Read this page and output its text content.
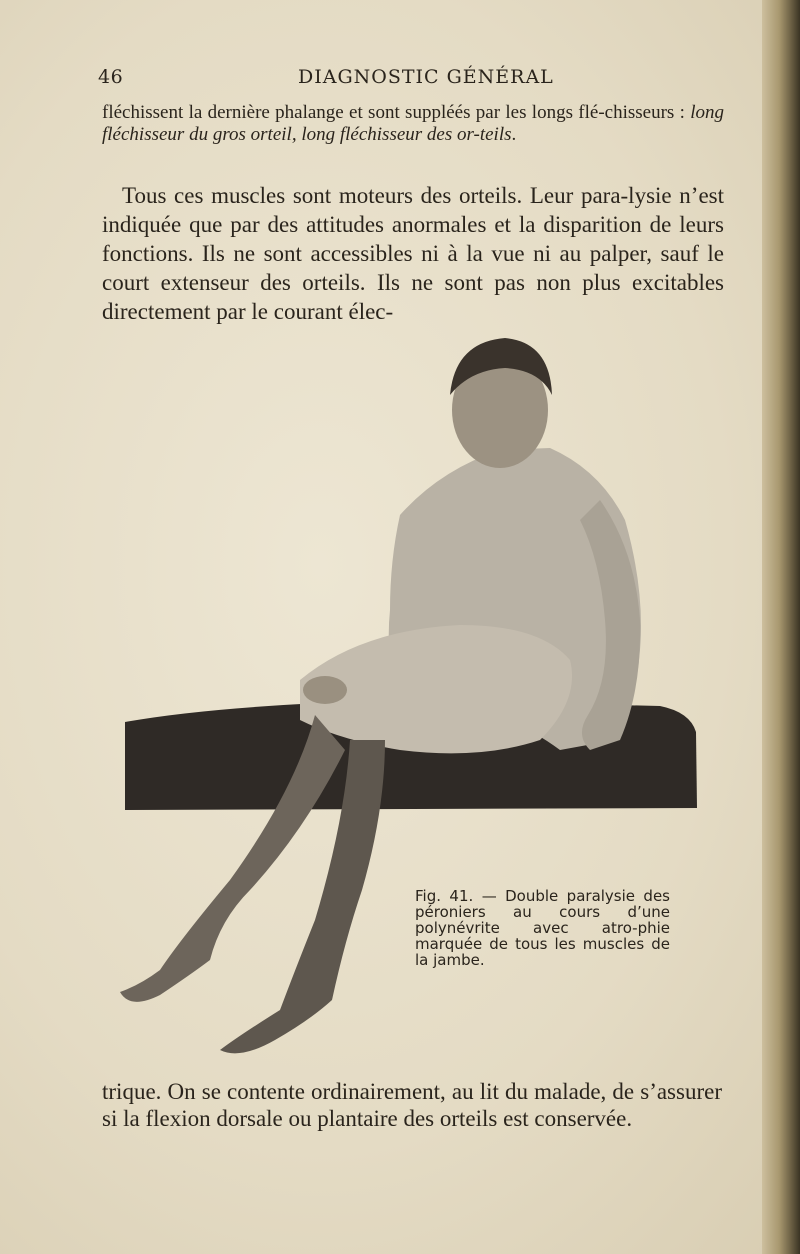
46	DIAGNOSTIC GÉNÉRAL

fléchissent la dernière phalange et sont suppléés par les longs flé-chisseurs : long fléchisseur du gros orteil, long fléchisseur des or-teils.

Tous ces muscles sont moteurs des orteils. Leur para-lysie n’est indiquée que par des attitudes anormales et la disparition de leurs fonctions. Ils ne sont accessibles ni à la vue ni au palper, sauf le court extenseur des orteils. Ils ne sont pas non plus excitables directement par le courant élec-

Fig. 41. — Double paralysie des péroniers au cours d’une polynévrite avec atro-phie marquée de tous les muscles de la jambe.

trique. On se contente ordinairement, au lit du malade, de s’assurer si la flexion dorsale ou plantaire des orteils est conservée.
